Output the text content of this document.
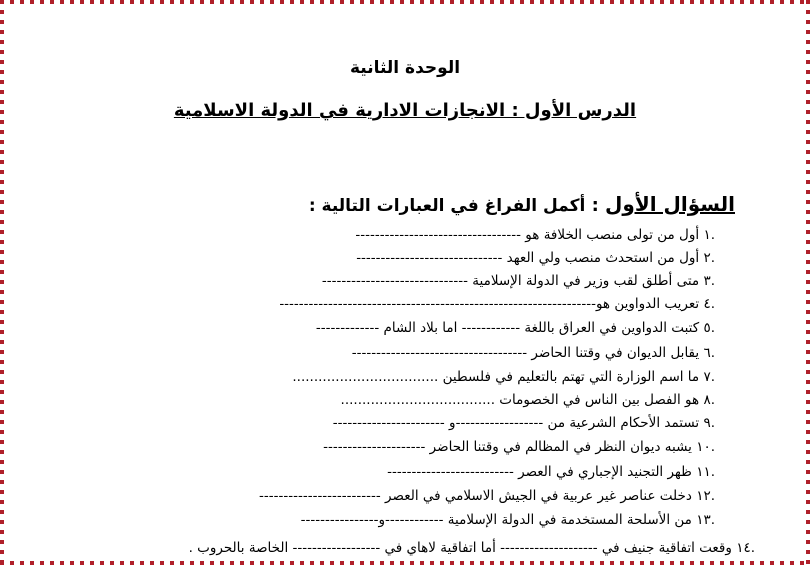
الوحدة الثانية
الدرس الأول : الانجازات الادارية في الدولة الاسلامية
السؤال الأول : أكمل الفراغ في العبارات التالية :
.١ أول من تولى منصب الخلافة هو ----------------------------------
.٢ أول من استحدث منصب ولي العهد ------------------------------
.٣ متى أطلق لقب وزير في الدولة الإسلامية ------------------------------
.٤ تعريب الدواوين هو-----------------------------------------------------------------
.٥ كتبت الدواوين في العراق باللغة ------------ اما بلاد الشام -------------
.٦ يقابل الديوان في وقتنا الحاضر ------------------------------------
.٧ ما اسم الوزارة التي تهتم بالتعليم في فلسطين ..................................
.٨ هو الفصل بين الناس في الخصومات ....................................
.٩ تستمد الأحكام الشرعية من ------------------و -----------------------
.١٠ يشبه ديوان النظر في المظالم في وقتنا الحاضر ---------------------
.١١ ظهر التجنيد الإجباري في العصر --------------------------
.١٢ دخلت عناصر غير عربية في الجيش الاسلامي في العصر -------------------------
.١٣ من الأسلحة المستخدمة في الدولة الإسلامية ------------و----------------
.١٤ وقعت اتفاقية جنيف في -------------------- أما اتفاقية لاهاي في ------------------ الخاصة بالحروب .
